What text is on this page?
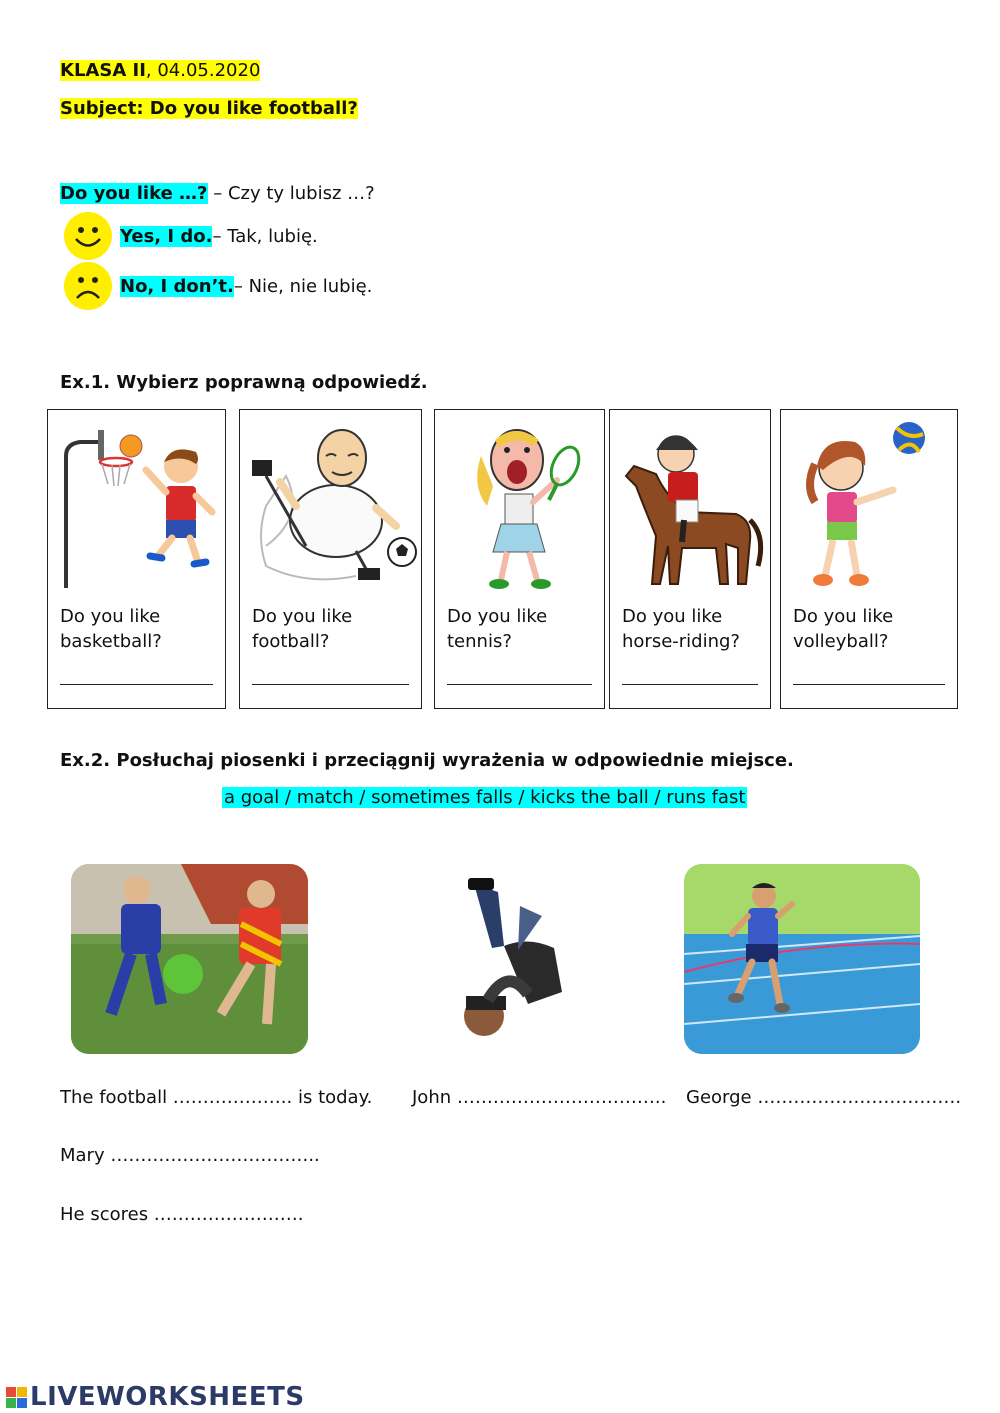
KLASA II, 04.05.2020
Subject: Do you like football?
Do you like …? – Czy ty lubisz …?
Yes, I do. – Tak, lubię.
No, I don’t. – Nie, nie lubię.
Ex.1. Wybierz poprawną odpowiedź.
Do you like
basketball?
Do you like
football?
Do you like
tennis?
Do you like
horse-riding?
Do you like
volleyball?
Ex.2. Posłuchaj piosenki i przeciągnij wyrażenia w odpowiednie miejsce.
a goal / match / sometimes falls / kicks the ball / runs fast
The football ……………….. is today. John …………………………….. George …………………………….
Mary ……………………………..
He scores …………………….
LIVEWORKSHEETS
